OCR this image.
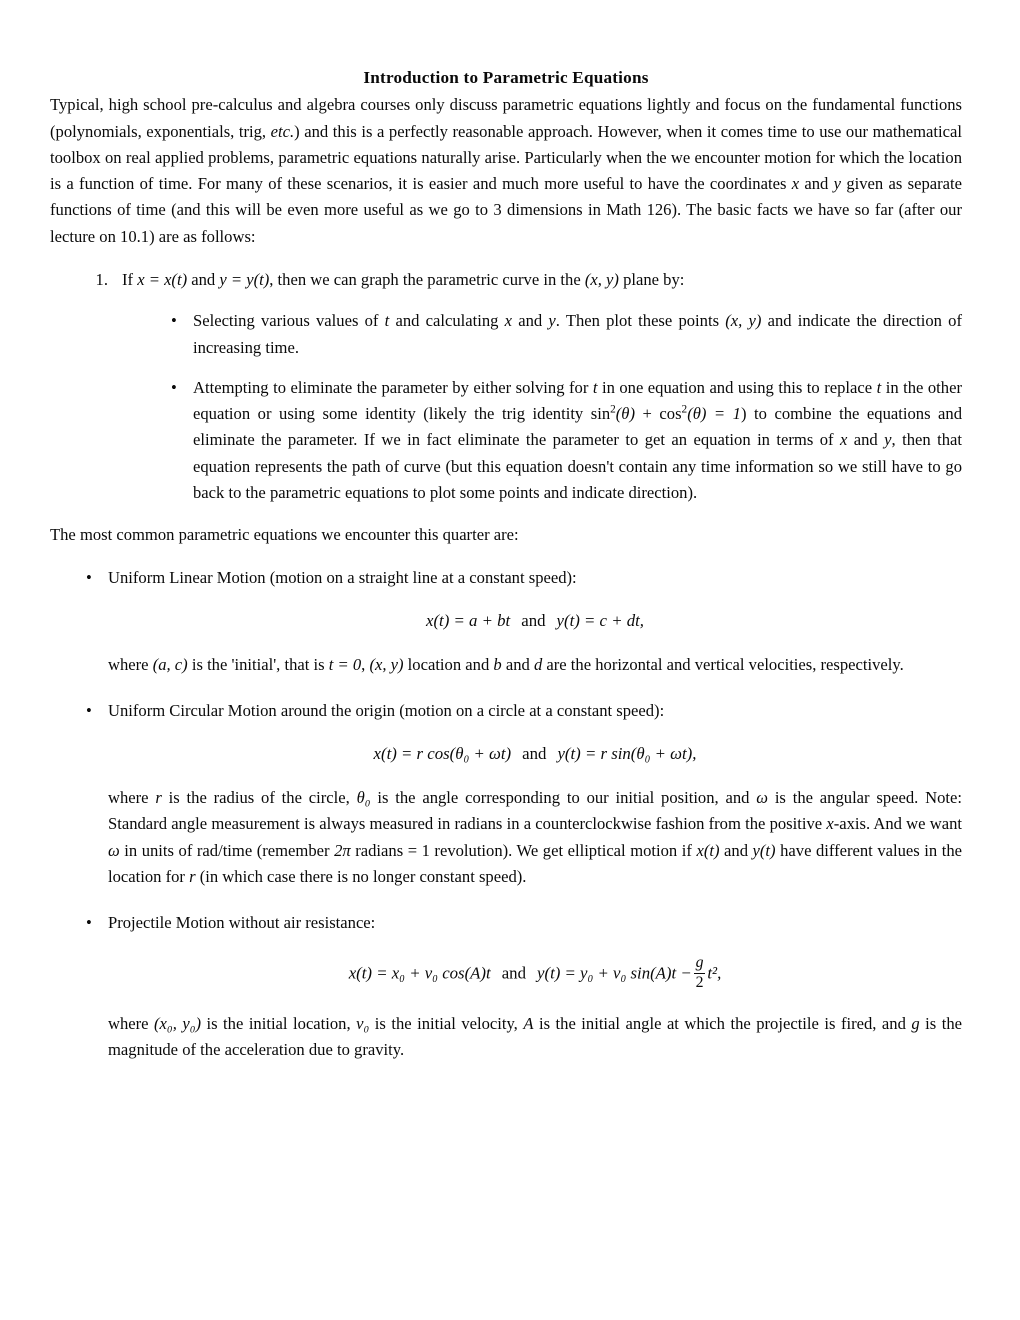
Introduction to Parametric Equations

Typical, high school pre-calculus and algebra courses only discuss parametric equations lightly and focus on the fundamental functions (polynomials, exponentials, trig, etc.) and this is a perfectly reasonable approach. However, when it comes time to use our mathematical toolbox on real applied problems, parametric equations naturally arise. Particularly when the we encounter motion for which the location is a function of time. For many of these scenarios, it is easier and much more useful to have the coordinates x and y given as separate functions of time (and this will be even more useful as we go to 3 dimensions in Math 126). The basic facts we have so far (after our lecture on 10.1) are as follows:

1. If x = x(t) and y = y(t), then we can graph the parametric curve in the (x, y) plane by:
• Selecting various values of t and calculating x and y. Then plot these points (x, y) and indicate the direction of increasing time.
• Attempting to eliminate the parameter by either solving for t in one equation and using this to replace t in the other equation or using some identity (likely the trig identity $\sin^2(\theta) + \cos^2(\theta) = 1$) to combine the equations and eliminate the parameter. If we in fact eliminate the parameter to get an equation in terms of x and y, then that equation represents the path of curve (but this equation doesn't contain any time information so we still have to go back to the parametric equations to plot some points and indicate direction).

The most common parametric equations we encounter this quarter are:

• Uniform Linear Motion (motion on a straight line at a constant speed):
x(t) = a + bt and y(t) = c + dt,

where (a, c) is the 'initial', that is t = 0, (x, y) location and b and d are the horizontal and vertical velocities, respectively.

• Uniform Circular Motion around the origin (motion on a circle at a constant speed):
x(t) = r cos(θ₀ + ωt) and y(t) = r sin(θ₀ + ωt),

where r is the radius of the circle, θ₀ is the angle corresponding to our initial position, and ω is the angular speed. Note: Standard angle measurement is always measured in radians in a counterclockwise fashion from the positive x-axis. And we want ω in units of rad/time (remember 2π radians = 1 revolution). We get elliptical motion if x(t) and y(t) have different values in the location for r (in which case there is no longer constant speed).

• Projectile Motion without air resistance:
x(t) = x₀ + v₀ cos(A)t and y(t) = y₀ + v₀ $\sin(A)t - \frac{g}{2} t^2$,

where (x₀, y₀) is the initial location, v₀ is the initial velocity, A is the initial angle at which the projectile is fired, and g is the magnitude of the acceleration due to gravity.
